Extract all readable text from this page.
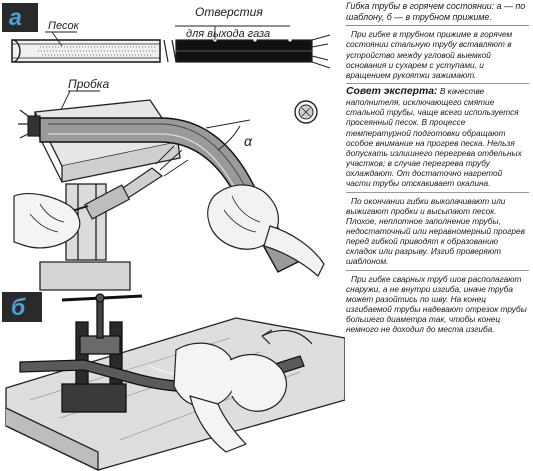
а Песок
Отверстия
для выхода газа
Пробка
α
б

Гибка трубы в горячем состоянии: а — по шаблону, б — в трубном прижиме.

При гибке в трубном прижиме в горячем состоянии стальную трубу вставляют в устройство между угловой выемкой основания и сухарем с уступами, и вращением рукоятки зажимают.

Совет эксперта: В качестве наполнителя, исключающего смятие стальной трубы, чаще всего используется просеянный песок. В процессе температурной подготовки обращают особое внимание на прогрев песка. Нельзя допускать излишнего перегрева отдельных участков; в случае перегрева трубу охлаждают. От достаточно нагретой части трубы отскакивает окалина.

По окончании гибки выколачивают или выжигают пробки и высыпают песок. Плохое, неплотное заполнение трубы, недостаточный или неравномерный прогрев перед гибкой приводят к образованию складок или разрыву. Изгиб проверяют шаблоном.

При гибке сварных труб шов располагают снаружи, а не внутри изгиба, иначе труба может разойтись по шву. На конец изгибаемой трубы надевают отрезок трубы большего диаметра так, чтобы конец немного не доходил до места изгиба.
